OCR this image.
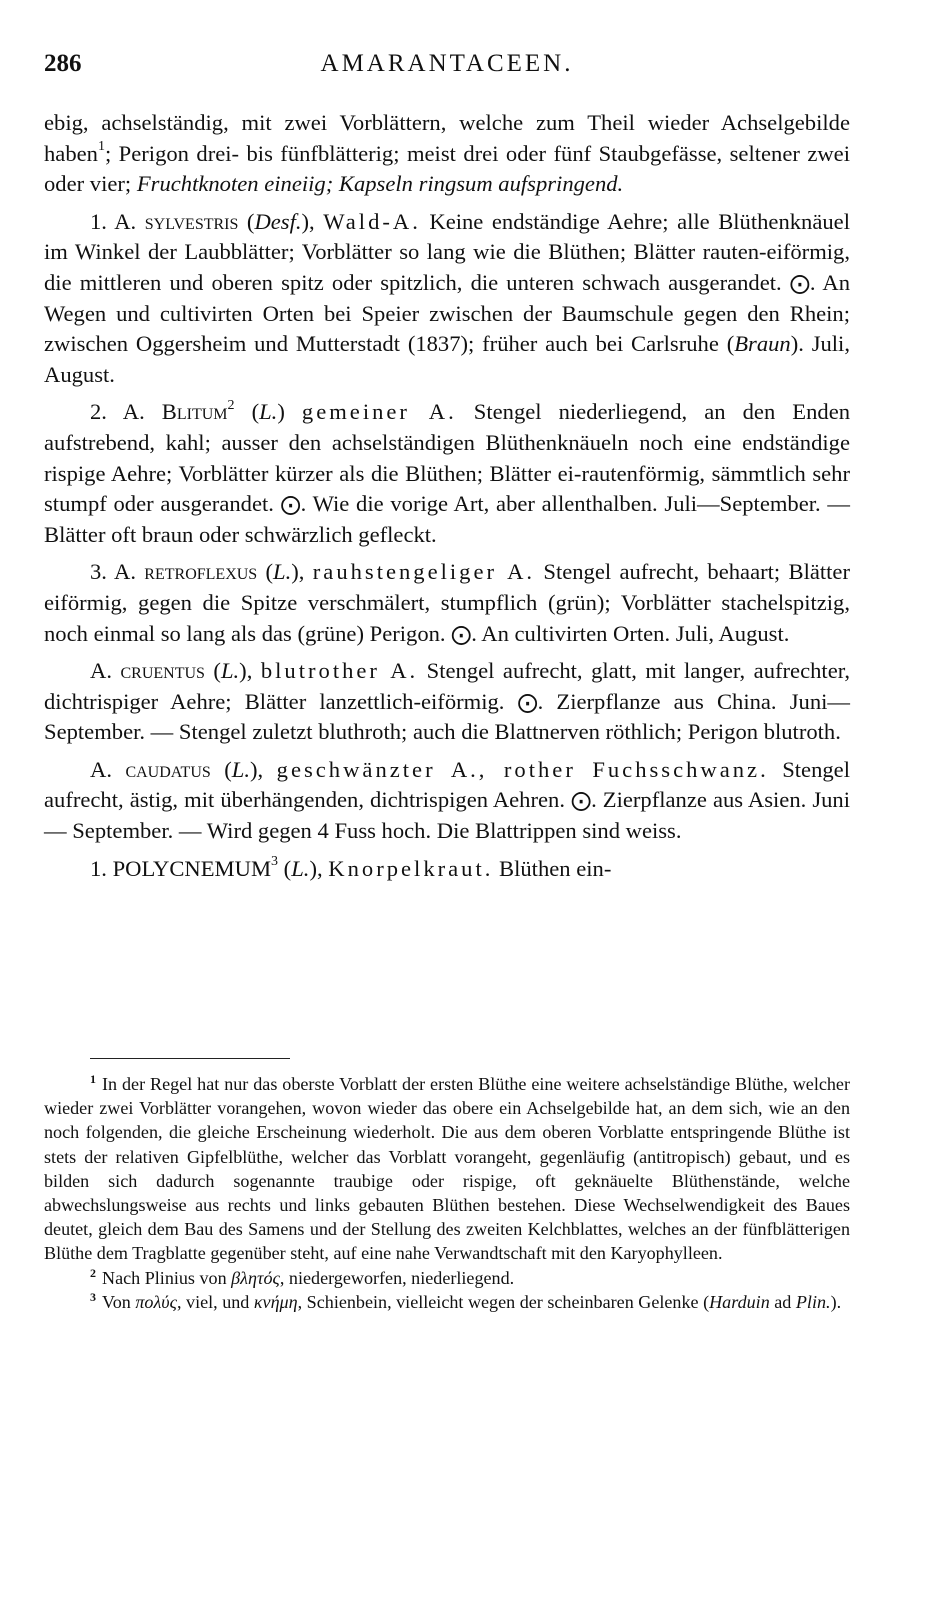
286	AMARANTACEEN.

ebig, achselständig, mit zwei Vorblättern, welche zum Theil wieder Achselgebilde haben$^1$; Perigon drei- bis fünfblätterig; meist drei oder fünf Staubgefässe, seltener zwei oder vier; Fruchtknoten eineiig; Kapseln ringsum aufspringend.

1. A. sylvestris (Desf.), Wald-A. Keine endständige Aehre; alle Blüthenknäuel im Winkel der Laubblätter; Vorblätter so lang wie die Blüthen; Blätter rauten-eiförmig, die mittleren und oberen spitz oder spitzlich, die unteren schwach ausgerandet. ⨀. An Wegen und cultivirten Orten bei Speier zwischen der Baumschule gegen den Rhein; zwischen Oggersheim und Mutterstadt (1837); früher auch bei Carlsruhe (Braun). Juli, August.

2. A. Blitum$^2$ (L.) gemeiner A. Stengel niederliegend, an den Enden aufstrebend, kahl; ausser den achselständigen Blüthenknäueln noch eine endständige rispige Aehre; Vorblätter kürzer als die Blüthen; Blätter ei-rautenförmig, sämmtlich sehr stumpf oder ausgerandet. ⨀. Wie die vorige Art, aber allenthalben. Juli—September. — Blätter oft braun oder schwärzlich gefleckt.

3. A. retroflexus (L.), rauhstengeliger A. Stengel aufrecht, behaart; Blätter eiförmig, gegen die Spitze verschmälert, stumpflich (grün); Vorblätter stachelspitzig, noch einmal so lang als das (grüne) Perigon. ⨀. An cultivirten Orten. Juli, August.

A. cruentus (L.), blutrother A. Stengel aufrecht, glatt, mit langer, aufrechter, dichtrispiger Aehre; Blätter lanzettlich-eiförmig. ⨀. Zierpflanze aus China. Juni—September. — Stengel zuletzt bluthroth; auch die Blattnerven röthlich; Perigon blutroth.

A. caudatus (L.), geschwänzter A., rother Fuchsschwanz. Stengel aufrecht, ästig, mit überhängenden, dichtrispigen Aehren. ⨀. Zierpflanze aus Asien. Juni — September. — Wird gegen 4 Fuss hoch. Die Blattrippen sind weiss.

1. POLYCNEMUM$^3$ (L.), Knorpelkraut. Blüthen ein-

$^1$ In der Regel hat nur das oberste Vorblatt der ersten Blüthe eine weitere achselständige Blüthe, welcher wieder zwei Vorblätter vorangehen, wovon wieder das obere ein Achselgebilde hat, an dem sich, wie an den noch folgenden, die gleiche Erscheinung wiederholt. Die aus dem oberen Vorblatte entspringende Blüthe ist stets der relativen Gipfelblüthe, welcher das Vorblatt vorangeht, gegenläufig (antitropisch) gebaut, und es bilden sich dadurch sogenannte traubige oder rispige, oft geknäuelte Blüthenstände, welche abwechslungsweise aus rechts und links gebauten Blüthen bestehen. Diese Wechselwendigkeit des Baues deutet, gleich dem Bau des Samens und der Stellung des zweiten Kelchblattes, welches an der fünfblätterigen Blüthe dem Tragblatte gegenüber steht, auf eine nahe Verwandtschaft mit den Karyophylleen.

$^2$ Nach Plinius von βλητός, niedergeworfen, niederliegend.

$^3$ Von πολύς, viel, und κνήμη, Schienbein, vielleicht wegen der scheinbaren Gelenke (Harduin ad Plin.).
